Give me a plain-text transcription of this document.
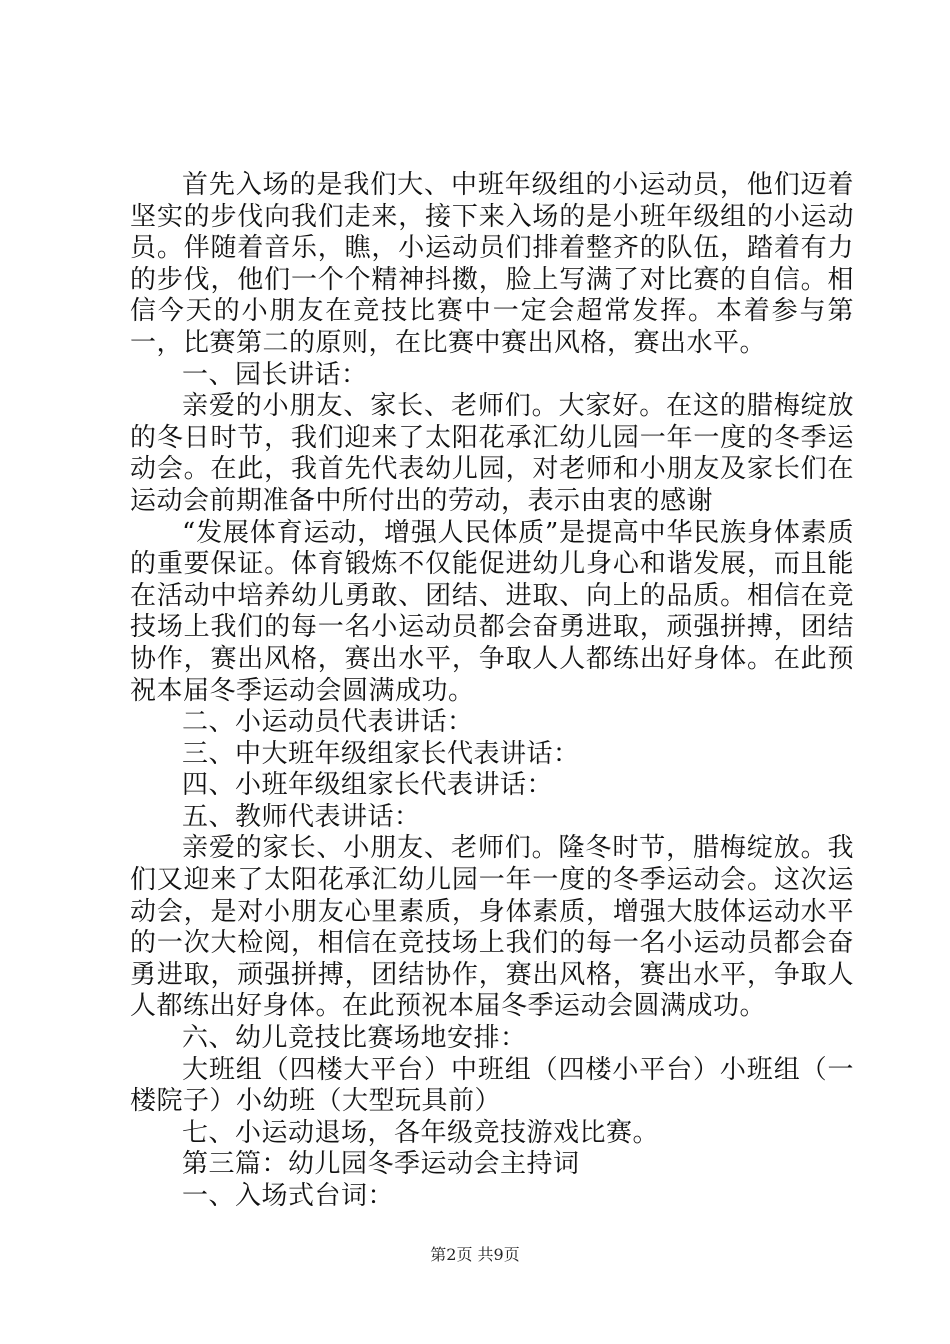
首先入场的是我们大、中班年级组的小运动员，他们迈着坚实的步伐向我们走来，接下来入场的是小班年级组的小运动员。伴随着音乐，瞧，小运动员们排着整齐的队伍，踏着有力的步伐，他们一个个精神抖擞，脸上写满了对比赛的自信。相信今天的小朋友在竞技比赛中一定会超常发挥。本着参与第一，比赛第二的原则，在比赛中赛出风格，赛出水平。

一、园长讲话：

亲爱的小朋友、家长、老师们。大家好。在这的腊梅绽放的冬日时节，我们迎来了太阳花承汇幼儿园一年一度的冬季运动会。在此，我首先代表幼儿园，对老师和小朋友及家长们在运动会前期准备中所付出的劳动，表示由衷的感谢

“发展体育运动，增强人民体质”是提高中华民族身体素质的重要保证。体育锻炼不仅能促进幼儿身心和谐发展，而且能在活动中培养幼儿勇敢、团结、进取、向上的品质。相信在竞技场上我们的每一名小运动员都会奋勇进取，顽强拼搏，团结协作，赛出风格，赛出水平，争取人人都练出好身体。在此预祝本届冬季运动会圆满成功。

二、小运动员代表讲话：

三、中大班年级组家长代表讲话：

四、小班年级组家长代表讲话：

五、教师代表讲话：

亲爱的家长、小朋友、老师们。隆冬时节，腊梅绽放。我们又迎来了太阳花承汇幼儿园一年一度的冬季运动会。这次运动会，是对小朋友心里素质，身体素质，增强大肢体运动水平的一次大检阅，相信在竞技场上我们的每一名小运动员都会奋勇进取，顽强拼搏，团结协作，赛出风格，赛出水平，争取人人都练出好身体。在此预祝本届冬季运动会圆满成功。

六、幼儿竞技比赛场地安排：

大班组（四楼大平台）中班组（四楼小平台）小班组（一楼院子）小幼班（大型玩具前）

七、小运动退场，各年级竞技游戏比赛。

第三篇：幼儿园冬季运动会主持词

一、入场式台词：

第2页 共9页
